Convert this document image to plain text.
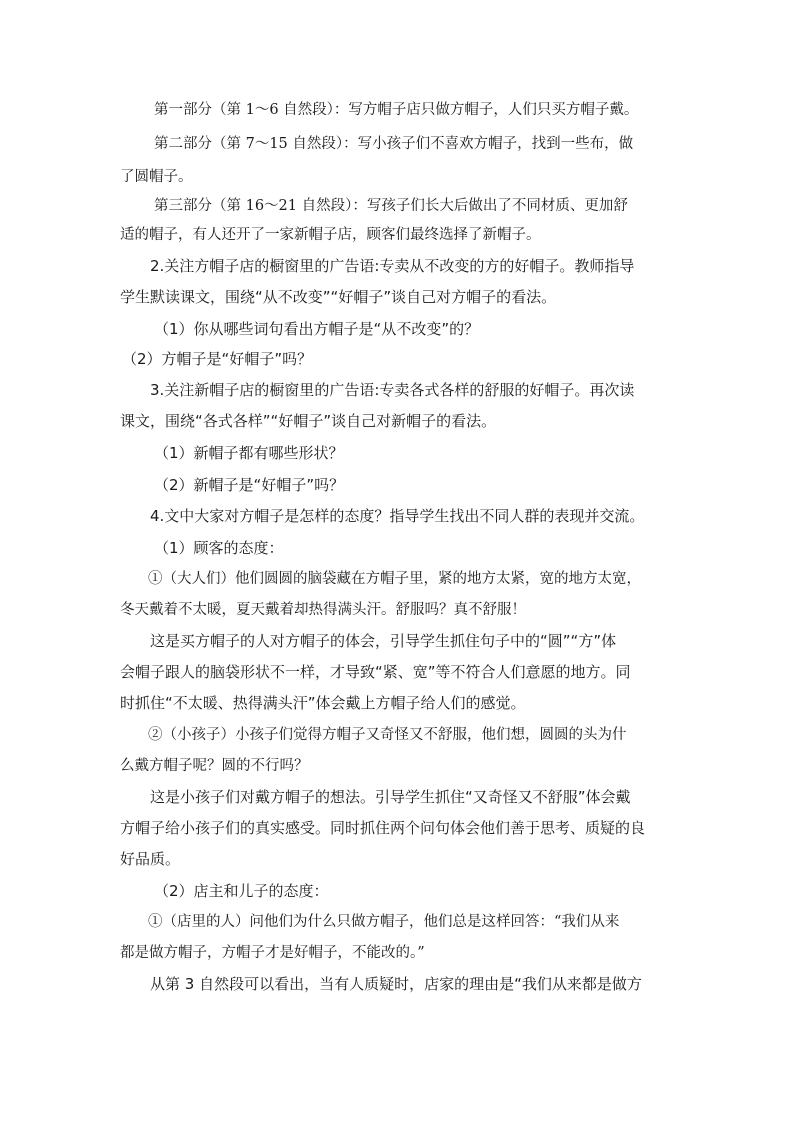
第一部分（第 1～6 自然段）：写方帽子店只做方帽子，人们只买方帽子戴。
第二部分（第 7～15 自然段）：写小孩子们不喜欢方帽子，找到一些布，做
了圆帽子。
第三部分（第 16～21 自然段）：写孩子们长大后做出了不同材质、更加舒
适的帽子，有人还开了一家新帽子店，顾客们最终选择了新帽子。
2.关注方帽子店的橱窗里的广告语:专卖从不改变的方的好帽子。教师指导
学生默读课文，围绕“从不改变”“好帽子”谈自己对方帽子的看法。
（1）你从哪些词句看出方帽子是“从不改变”的？
（2）方帽子是“好帽子”吗？
3.关注新帽子店的橱窗里的广告语:专卖各式各样的舒服的好帽子。再次读
课文，围绕“各式各样”“好帽子”谈自己对新帽子的看法。
（1）新帽子都有哪些形状？
（2）新帽子是“好帽子”吗？
4.文中大家对方帽子是怎样的态度？指导学生找出不同人群的表现并交流。
（1）顾客的态度：
①（大人们）他们圆圆的脑袋藏在方帽子里，紧的地方太紧，宽的地方太宽，
冬天戴着不太暖，夏天戴着却热得满头汗。舒服吗？真不舒服！
这是买方帽子的人对方帽子的体会，引导学生抓住句子中的“圆”“方”体
会帽子跟人的脑袋形状不一样，才导致“紧、宽”等不符合人们意愿的地方。同
时抓住“不太暖、热得满头汗”体会戴上方帽子给人们的感觉。
②（小孩子）小孩子们觉得方帽子又奇怪又不舒服，他们想，圆圆的头为什
么戴方帽子呢？圆的不行吗？
这是小孩子们对戴方帽子的想法。引导学生抓住“又奇怪又不舒服”体会戴
方帽子给小孩子们的真实感受。同时抓住两个问句体会他们善于思考、质疑的良
好品质。
（2）店主和儿子的态度：
①（店里的人）问他们为什么只做方帽子，他们总是这样回答：“我们从来
都是做方帽子，方帽子才是好帽子，不能改的。”
从第 3 自然段可以看出，当有人质疑时，店家的理由是“我们从来都是做方
